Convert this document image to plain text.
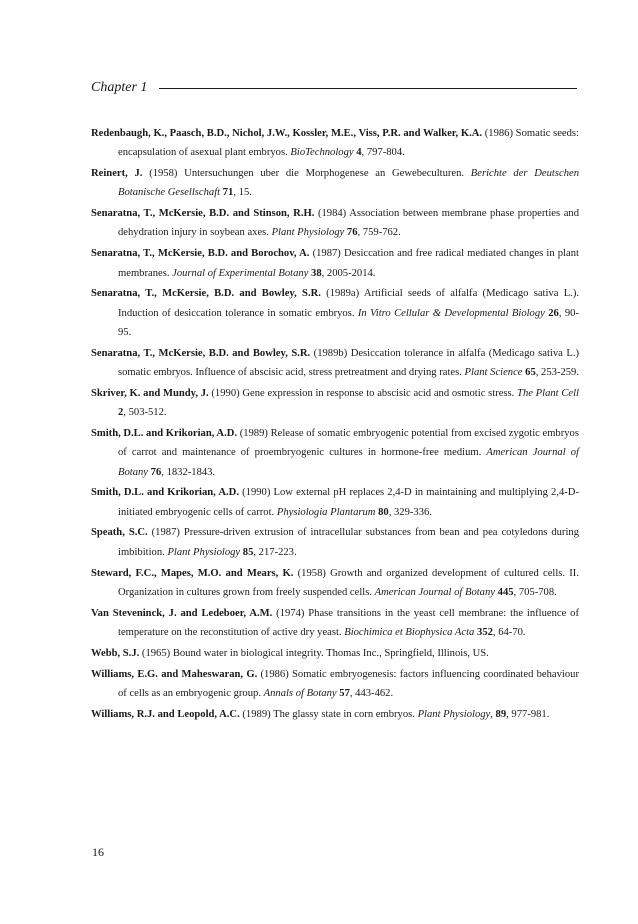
Chapter 1

Redenbaugh, K., Paasch, B.D., Nichol, J.W., Kossler, M.E., Viss, P.R. and Walker, K.A. (1986) Somatic seeds: encapsulation of asexual plant embryos. BioTechnology 4, 797-804.

Reinert, J. (1958) Untersuchungen uber die Morphogenese an Gewebeculturen. Berichte der Deutschen Botanische Gesellschaft 71, 15.

Senaratna, T., McKersie, B.D. and Stinson, R.H. (1984) Association between membrane phase properties and dehydration injury in soybean axes. Plant Physiology 76, 759-762.

Senaratna, T., McKersie, B.D. and Borochov, A. (1987) Desiccation and free radical mediated changes in plant membranes. Journal of Experimental Botany 38, 2005-2014.

Senaratna, T., McKersie, B.D. and Bowley, S.R. (1989a) Artificial seeds of alfalfa (Medicago sativa L.). Induction of desiccation tolerance in somatic embryos. In Vitro Cellular & Developmental Biology 26, 90-95.

Senaratna, T., McKersie, B.D. and Bowley, S.R. (1989b) Desiccation tolerance in alfalfa (Medicago sativa L.) somatic embryos. Influence of abscisic acid, stress pretreatment and drying rates. Plant Science 65, 253-259.

Skriver, K. and Mundy, J. (1990) Gene expression in response to abscisic acid and osmotic stress. The Plant Cell 2, 503-512.

Smith, D.L. and Krikorian, A.D. (1989) Release of somatic embryogenic potential from excised zygotic embryos of carrot and maintenance of proembryogenic cultures in hormone-free medium. American Journal of Botany 76, 1832-1843.

Smith, D.L. and Krikorian, A.D. (1990) Low external pH replaces 2,4-D in maintaining and multiplying 2,4-D-initiated embryogenic cells of carrot. Physiologia Plantarum 80, 329-336.

Speath, S.C. (1987) Pressure-driven extrusion of intracellular substances from bean and pea cotyledons during imbibition. Plant Physiology 85, 217-223.

Steward, F.C., Mapes, M.O. and Mears, K. (1958) Growth and organized development of cultured cells. II. Organization in cultures grown from freely suspended cells. American Journal of Botany 445, 705-708.

Van Steveninck, J. and Ledeboer, A.M. (1974) Phase transitions in the yeast cell membrane: the influence of temperature on the reconstitution of active dry yeast. Biochimica et Biophysica Acta 352, 64-70.

Webb, S.J. (1965) Bound water in biological integrity. Thomas Inc., Springfield, Illinois, US.

Williams, E.G. and Maheswaran, G. (1986) Somatic embryogenesis: factors influencing coordinated behaviour of cells as an embryogenic group. Annals of Botany 57, 443-462.

Williams, R.J. and Leopold, A.C. (1989) The glassy state in corn embryos. Plant Physiology, 89, 977-981.

16
